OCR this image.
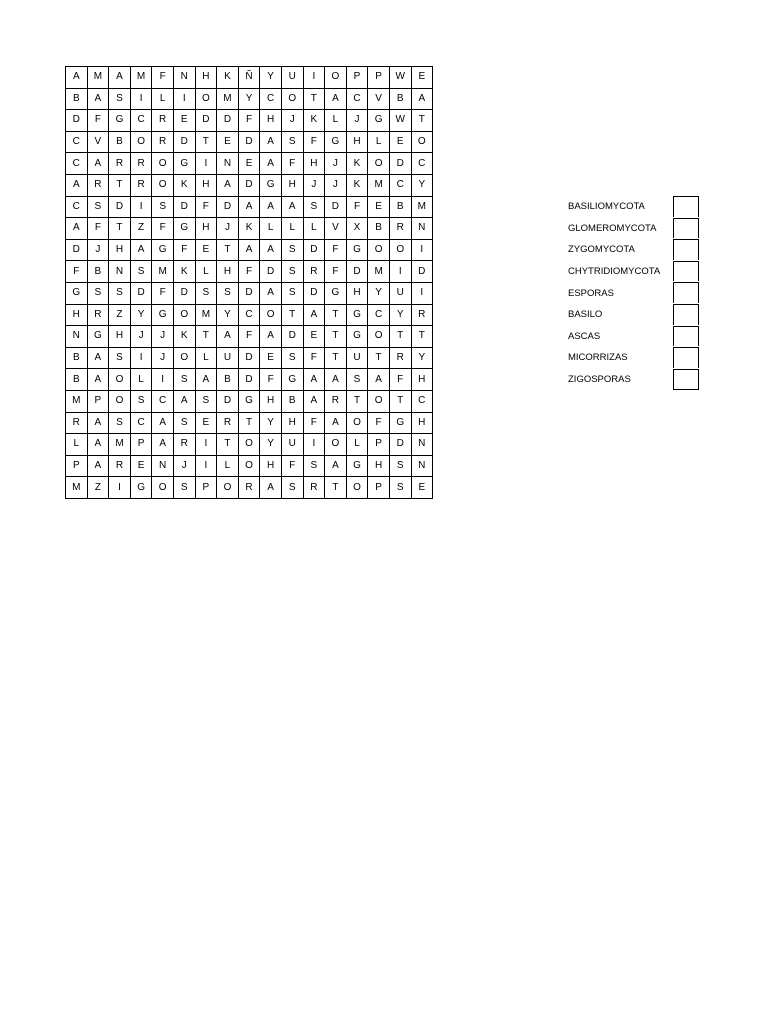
A	M	A	M	F	N	H	K	Ñ	Y	U	I	O	P	P	W	E
B	A	S	I	L	I	O	M	Y	C	O	T	A	C	V	B	A
D	F	G	C	R	E	D	D	F	H	J	K	L	J	G	W	T
C	V	B	O	R	D	T	E	D	A	S	F	G	H	L	E	O
C	A	R	R	O	G	I	N	E	A	F	H	J	K	O	D	C
A	R	T	R	O	K	H	A	D	G	H	J	J	K	M	C	Y
C	S	D	I	S	D	F	D	A	A	A	S	D	F	E	B	M
A	F	T	Z	F	G	H	J	K	L	L	L	V	X	B	R	N
D	J	H	A	G	F	E	T	A	A	S	D	F	G	O	O	I
F	B	N	S	M	K	L	H	F	D	S	R	F	D	M	I	D
G	S	S	D	F	D	S	S	D	A	S	D	G	H	Y	U	I
H	R	Z	Y	G	O	M	Y	C	O	T	A	T	G	C	Y	R
N	G	H	J	J	K	T	A	F	A	D	E	T	G	O	T	T
B	A	S	I	J	O	L	U	D	E	S	F	T	U	T	R	Y
B	A	O	L	I	S	A	B	D	F	G	A	A	S	A	F	H
M	P	O	S	C	A	S	D	G	H	B	A	R	T	O	T	C
R	A	S	C	A	S	E	R	T	Y	H	F	A	O	F	G	H
L	A	M	P	A	R	I	T	O	Y	U	I	O	L	P	D	N
P	A	R	E	N	J	I	L	O	H	F	S	A	G	H	S	N
M	Z	I	G	O	S	P	O	R	A	S	R	T	O	P	S	E
BASILIOMYCOTA
GLOMEROMYCOTA
ZYGOMYCOTA
CHYTRIDIOMYCOTA
ESPORAS
BASILO
ASCAS
MICORRIZAS
ZIGOSPORAS
